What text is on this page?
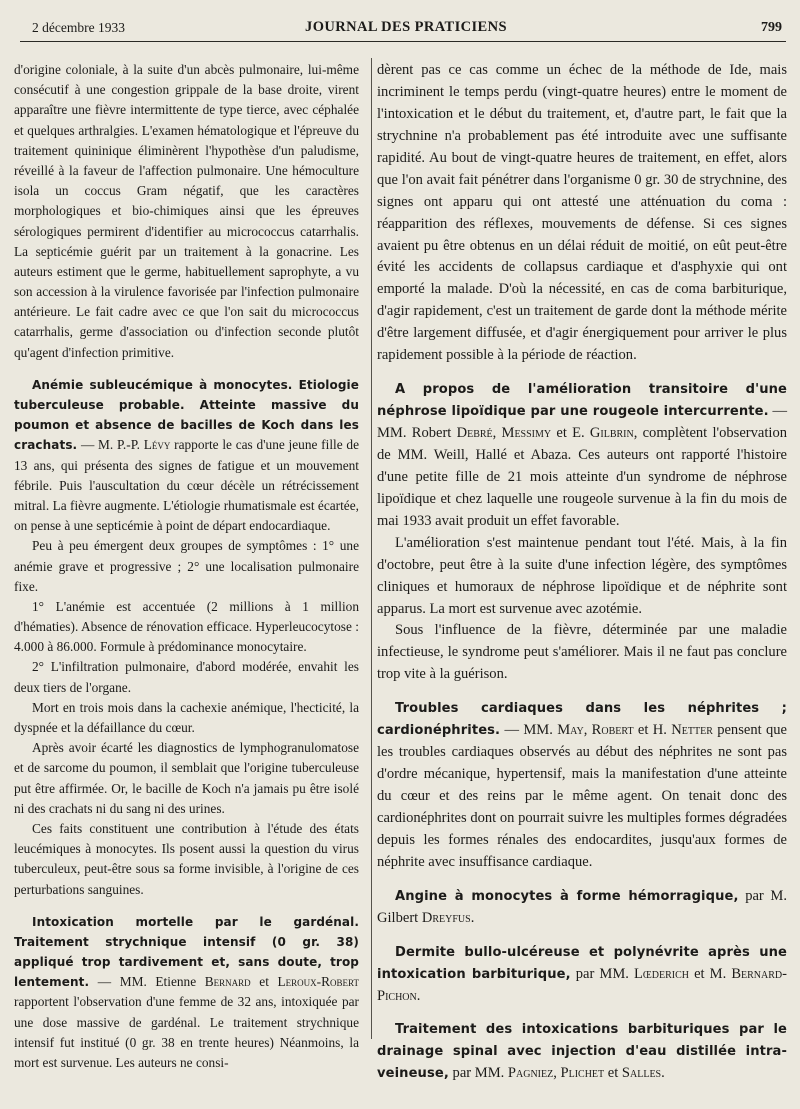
2 décembre 1933	JOURNAL DES PRATICIENS	799

d'origine coloniale, à la suite d'un abcès pulmonaire, lui-même consécutif à une congestion grippale de la base droite, virent apparaître une fièvre intermittente de type tierce, avec céphalée et quelques arthralgies. L'examen hématologique et l'épreuve du traitement quininique éliminèrent l'hypothèse d'un paludisme, réveillé à la faveur de l'affection pulmonaire. Une hémoculture isola un coccus Gram négatif, que les caractères morphologiques et bio-chimiques ainsi que les épreuves sérologiques permirent d'identifier au micrococcus catarrhalis. La septicémie guérit par un traitement à la gonacrine. Les auteurs estiment que le germe, habituellement saprophyte, a vu son accession à la virulence favorisée par l'infection pulmonaire antérieure. Le fait cadre avec ce que l'on sait du micrococcus catarrhalis, germe d'association ou d'infection seconde plutôt qu'agent d'infection primitive.

Anémie subleucémique à monocytes. Etiologie tuberculeuse probable. Atteinte massive du poumon et absence de bacilles de Koch dans les crachats. — M. P.-P. Lévy rapporte le cas d'une jeune fille de 13 ans, qui présenta des signes de fatigue et un mouvement fébrile. Puis l'auscultation du cœur décèle un rétrécissement mitral. La fièvre augmente. L'étiologie rhumatismale est écartée, on pense à une septicémie à point de départ endocardiaque.

Peu à peu émergent deux groupes de symptômes : 1° une anémie grave et progressive ; 2° une localisation pulmonaire fixe.

1° L'anémie est accentuée (2 millions à 1 million d'hématies). Absence de rénovation efficace. Hyperleucocytose : 4.000 à 86.000. Formule à prédominance monocytaire.

2° L'infiltration pulmonaire, d'abord modérée, envahit les deux tiers de l'organe.

Mort en trois mois dans la cachexie anémique, l'hecticité, la dyspnée et la défaillance du cœur.

Après avoir écarté les diagnostics de lymphogranulomatose et de sarcome du poumon, il semblait que l'origine tuberculeuse put être affirmée. Or, le bacille de Koch n'a jamais pu être isolé ni des crachats ni du sang ni des urines.

Ces faits constituent une contribution à l'étude des états leucémiques à monocytes. Ils posent aussi la question du virus tuberculeux, peut-être sous sa forme invisible, à l'origine de ces perturbations sanguines.

Intoxication mortelle par le gardénal. Traitement strychnique intensif (0 gr. 38) appliqué trop tardivement et, sans doute, trop lentement. — MM. Etienne Bernard et Leroux-Robert rapportent l'observation d'une femme de 32 ans, intoxiquée par une dose massive de gardénal. Le traitement strychnique intensif fut institué (0 gr. 38 en trente heures) Néanmoins, la mort est survenue. Les auteurs ne consi-

dèrent pas ce cas comme un échec de la méthode de Ide, mais incriminent le temps perdu (vingt-quatre heures) entre le moment de l'intoxication et le début du traitement, et, d'autre part, le fait que la strychnine n'a probablement pas été introduite avec une suffisante rapidité. Au bout de vingt-quatre heures de traitement, en effet, alors que l'on avait fait pénétrer dans l'organisme 0 gr. 30 de strychnine, des signes ont apparu qui ont attesté une atténuation du coma : réapparition des réflexes, mouvements de défense. Si ces signes avaient pu être obtenus en un délai réduit de moitié, on eût peut-être évité les accidents de collapsus cardiaque et d'asphyxie qui ont emporté la malade. D'où la nécessité, en cas de coma barbiturique, d'agir rapidement, c'est un traitement de garde dont la méthode mérite d'être largement diffusée, et d'agir énergiquement pour arriver le plus rapidement possible à la période de réaction.

A propos de l'amélioration transitoire d'une néphrose lipoïdique par une rougeole intercurrente. — MM. Robert Debré, Messimy et E. Gilbrin, complètent l'observation de MM. Weill, Hallé et Abaza. Ces auteurs ont rapporté l'histoire d'une petite fille de 21 mois atteinte d'un syndrome de néphrose lipoïdique et chez laquelle une rougeole survenue à la fin du mois de mai 1933 avait produit un effet favorable.

L'amélioration s'est maintenue pendant tout l'été. Mais, à la fin d'octobre, peut être à la suite d'une infection légère, des symptômes cliniques et humoraux de néphrose lipoïdique et de néphrite sont apparus. La mort est survenue avec azotémie.

Sous l'influence de la fièvre, déterminée par une maladie infectieuse, le syndrome peut s'améliorer. Mais il ne faut pas conclure trop vite à la guérison.

Troubles cardiaques dans les néphrites ; cardionéphrites. — MM. May, Robert et H. Netter pensent que les troubles cardiaques observés au début des néphrites ne sont pas d'ordre mécanique, hypertensif, mais la manifestation d'une atteinte du cœur et des reins par le même agent. On tenait donc des cardionéphrites dont on pourrait suivre les multiples formes dégradées depuis les formes rénales des endocardites, jusqu'aux formes de néphrite avec insuffisance cardiaque.

Angine à monocytes à forme hémorragique, par M. Gilbert Dreyfus.

Dermite bullo-ulcéreuse et polynévrite après une intoxication barbiturique, par MM. Lœderich et M. Bernard-Pichon.

Traitement des intoxications barbituriques par le drainage spinal avec injection d'eau distillée intra-veineuse, par MM. Pagniez, Plichet et Salles.
